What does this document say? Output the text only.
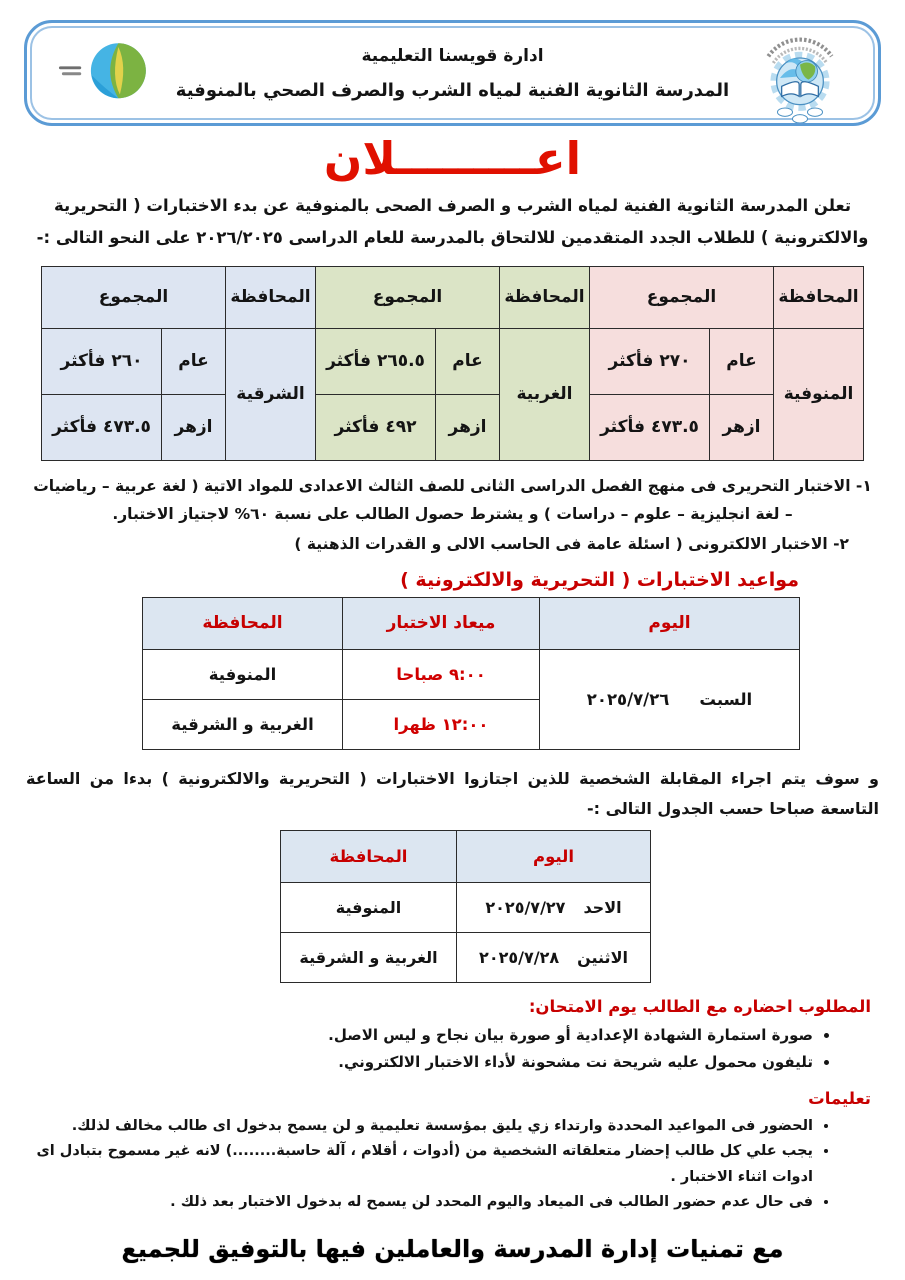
ادارة قويسنا التعليمية
المدرسة الثانوية الفنية لمياه الشرب والصرف الصحي بالمنوفية
اعـــــــــلان

تعلن المدرسة الثانوية الفنية لمياه الشرب و الصرف الصحى بالمنوفية عن بدء الاختبارات ( التحريرية والالكترونية ) للطلاب الجدد المتقدمين للالتحاق بالمدرسة للعام الدراسى ٢٠٢٦/٢٠٢٥ على النحو التالى :-

المحافظة	المجموع		المحافظة	المجموع		المحافظة	المجموع	
المنوفية	عام	٢٧٠ فأكثر	الغربية	عام	٢٦٥.٥ فأكثر	الشرقية	عام	٢٦٠ فأكثر
	ازهر	٤٧٣.٥ فأكثر		ازهر	٤٩٢ فأكثر		ازهر	٤٧٣.٥ فأكثر

١- الاختبار التحريرى فى منهج الفصل الدراسى الثانى للصف الثالث الاعدادى للمواد الاتية ( لغة عربية – رياضيات – لغة انجليزية – علوم – دراسات ) و يشترط حصول الطالب على نسبة ٦٠% لاجتياز الاختبار.

٢- الاختبار الالكترونى ( اسئلة عامة فى الحاسب الالى و القدرات الذهنية )

مواعيد الاختبارات ( التحريرية والالكترونية )
اليوم	ميعاد الاختبار	المحافظة

السبت
٢٠٢٥/٧/٢٦	٩:٠٠ صباحا	المنوفية
	١٢:٠٠ ظهرا	الغربية و الشرقية

و سوف يتم اجراء المقابلة الشخصية للذين اجتازوا الاختبارات ( التحريرية والالكترونية ) بدءا من الساعة التاسعة صباحا حسب الجدول التالى :-

اليوم	المحافظة

الاحد
٢٠٢٥/٧/٢٧	المنوفية

الاثنين
٢٠٢٥/٧/٢٨	الغربية و الشرقية
المطلوب احضاره مع الطالب يوم الامتحان:
• صورة استمارة الشهادة الإعدادية أو صورة بيان نجاح و ليس الاصل.
• تليفون محمول عليه شريحة نت مشحونة لأداء الاختبار الالكتروني.
تعليمات
• الحضور فى المواعيد المحددة وارتداء زي يليق بمؤسسة تعليمية و لن يسمح بدخول اى طالب مخالف لذلك.
• يجب علي كل طالب إحضار متعلقاته الشخصية من (أدوات ، أقلام ، آلة حاسبة........) لانه غير مسموح بتبادل اى ادوات اثناء الاختبار .
• فى حال عدم حضور الطالب فى الميعاد واليوم المحدد لن يسمح له بدخول الاختبار بعد ذلك .
مع تمنيات إدارة المدرسة والعاملين فيها بالتوفيق للجميع
